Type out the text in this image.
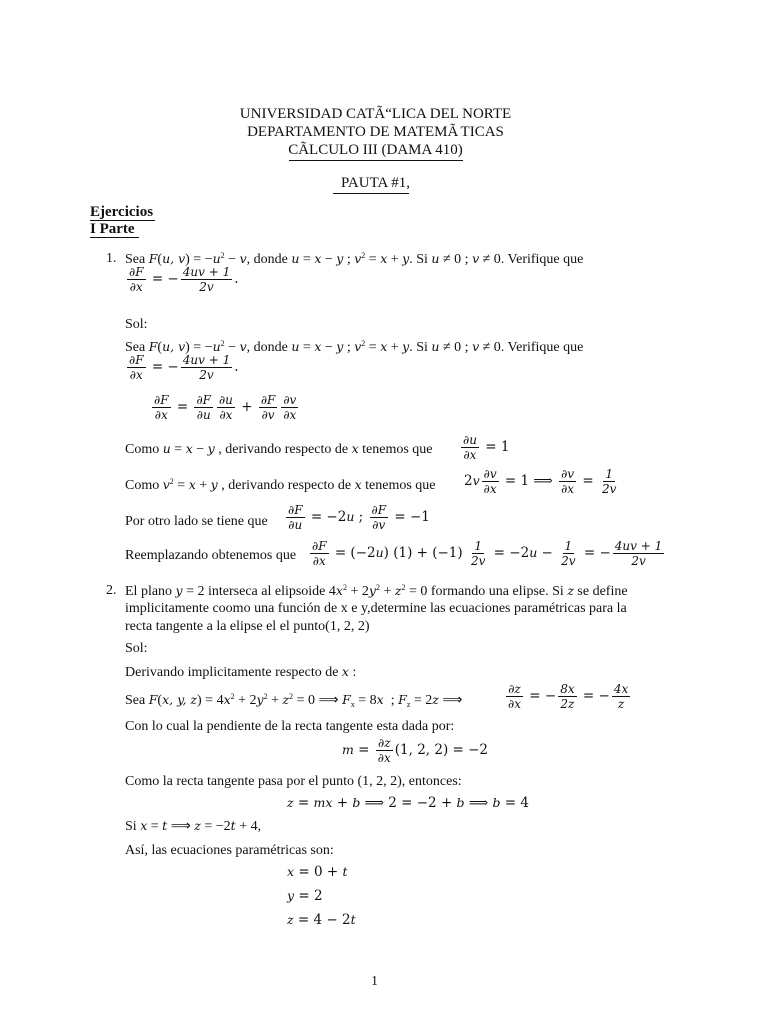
UNIVERSIDAD CATÃ“LICA DEL NORTE
DEPARTAMENTO DE MATEMÃ  TICAS
CÃLCULO III (DAMA 410)
PAUTA #1,
Ejercicios
I Parte
1. Sea F(u, $v) = -u^2 - v$, donde u = x − y ; $v^2 = x + y$. Si u ≠ 0 ; v ≠ 0. Verifique que
$\frac{\partial F}{\partial x}$ = − $\frac{4uv + 1}{2v}$ .
Sol:
Sea F(u, $v) = -u^2 - v$, donde u = x − y ; $v^2 = x + y$. Si u ≠ 0 ; v ≠ 0. Verifique que
$\frac{\partial F}{\partial x}$ = − $\frac{4uv + 1}{2v}$ .
$\frac{\partial F}{\partial x} = \frac{\partial F}{\partial u} \frac{\partial u}{\partial x} + \frac{\partial F}{\partial v} \frac{\partial v}{\partial x}$
Como u = x − y , derivando respecto de x tenemos que $\frac{\partial u}{\partial x} = 1$
Como $v^2 = x + y$ , derivando respecto de x tenemos que $2v \frac{\partial v}{\partial x} = 1$ ⟹ $\frac{\partial v}{\partial x} = \frac{1}{2v}$
Por otro lado se tiene que $\frac{\partial F}{\partial u} = -2u$ ; $\frac{\partial F}{\partial v} = -1$
Reemplazando obtenemos que $\frac{\partial F}{\partial x} = (-2u) (1) + (-1) \frac{1}{2v} = -2u - \frac{1}{2v}$ = − $\frac{4uv + 1}{2v}$
2. El plano y = 2 interseca al elipsoide $4x^2 + 2y^2 + z^2 = 0$ formando una elipse. Si z se define
implicitamente coomo una función de x e y,determine las ecuaciones paramétricas para la
recta tangente a la elipse el el punto(1, 2, 2)
Sol:
Derivando implicitamente respecto de x :
Sea F(x, y, $z) = 4x^2 + 2y^2 + z^2 = 0$ ⟹ $F_x = 8x$  ; $F_z = 2z$ ⟹	$\frac{\partial z}{\partial x}$ = − $\frac{8x}{2z}$ = − $\frac{4x}{z}$
Con lo cual la pendiente de la recta tangente esta dada por:
$m = \frac{\partial z}{\partial x} (1$, 2, 2) = −2
Como la recta tangente pasa por el punto (1, 2, 2), entonces:
z = mx + b ⟹ 2 = −2 + b ⟹ b = 4
Si x = t ⟹ z = −2t + 4,
Así, las ecuaciones paramétricas son:
x = 0 + t
y = 2
z = 4 − 2t
1
